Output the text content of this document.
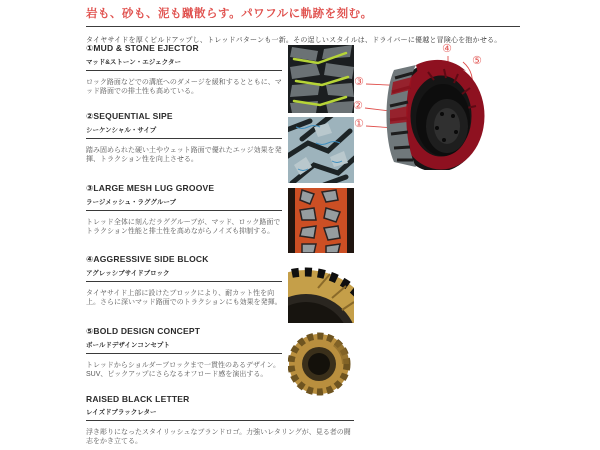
岩も、砂も、泥も蹴散らす。パワフルに軌跡を刻む。
タイヤサイドを厚くビルドアップし、トレッドパターンも一新。その逞しいスタイルは、ドライバーに優越と冒険心を抱かせる。
①MUD & STONE EJECTOR
マッド&ストーン・エジェクター
ロック路面などでの溝底へのダメージを緩和するとともに、マッド路面での排土性も高めている。
②SEQUENTIAL SIPE
シーケンシャル・サイプ
踏み固められた硬い土やウェット路面で優れたエッジ効果を発揮、トラクション性を向上させる。
③LARGE MESH LUG GROOVE
ラージメッシュ・ラググルーブ
トレッド全体に刻んだラググルーブが、マッド、ロック路面でトラクション性能と排土性を高めながらノイズも抑制する。
④AGGRESSIVE SIDE BLOCK
アグレッシブサイドブロック
タイヤサイド上部に設けたブロックにより、耐カット性を向上。さらに深いマッド路面でのトラクションにも効果を発揮。
⑤BOLD DESIGN CONCEPT
ボールドデザインコンセプト
トレッドからショルダーブロックまで一貫性のあるデザイン。SUV、ピックアップにさらなるオフロード感を演出する。
RAISED BLACK LETTER
レイズドブラックレター
浮き彫りになったスタイリッシュなブランドロゴ。力強いレタリングが、見る者の闘志をかき立てる。
①
②
③
④
⑤
